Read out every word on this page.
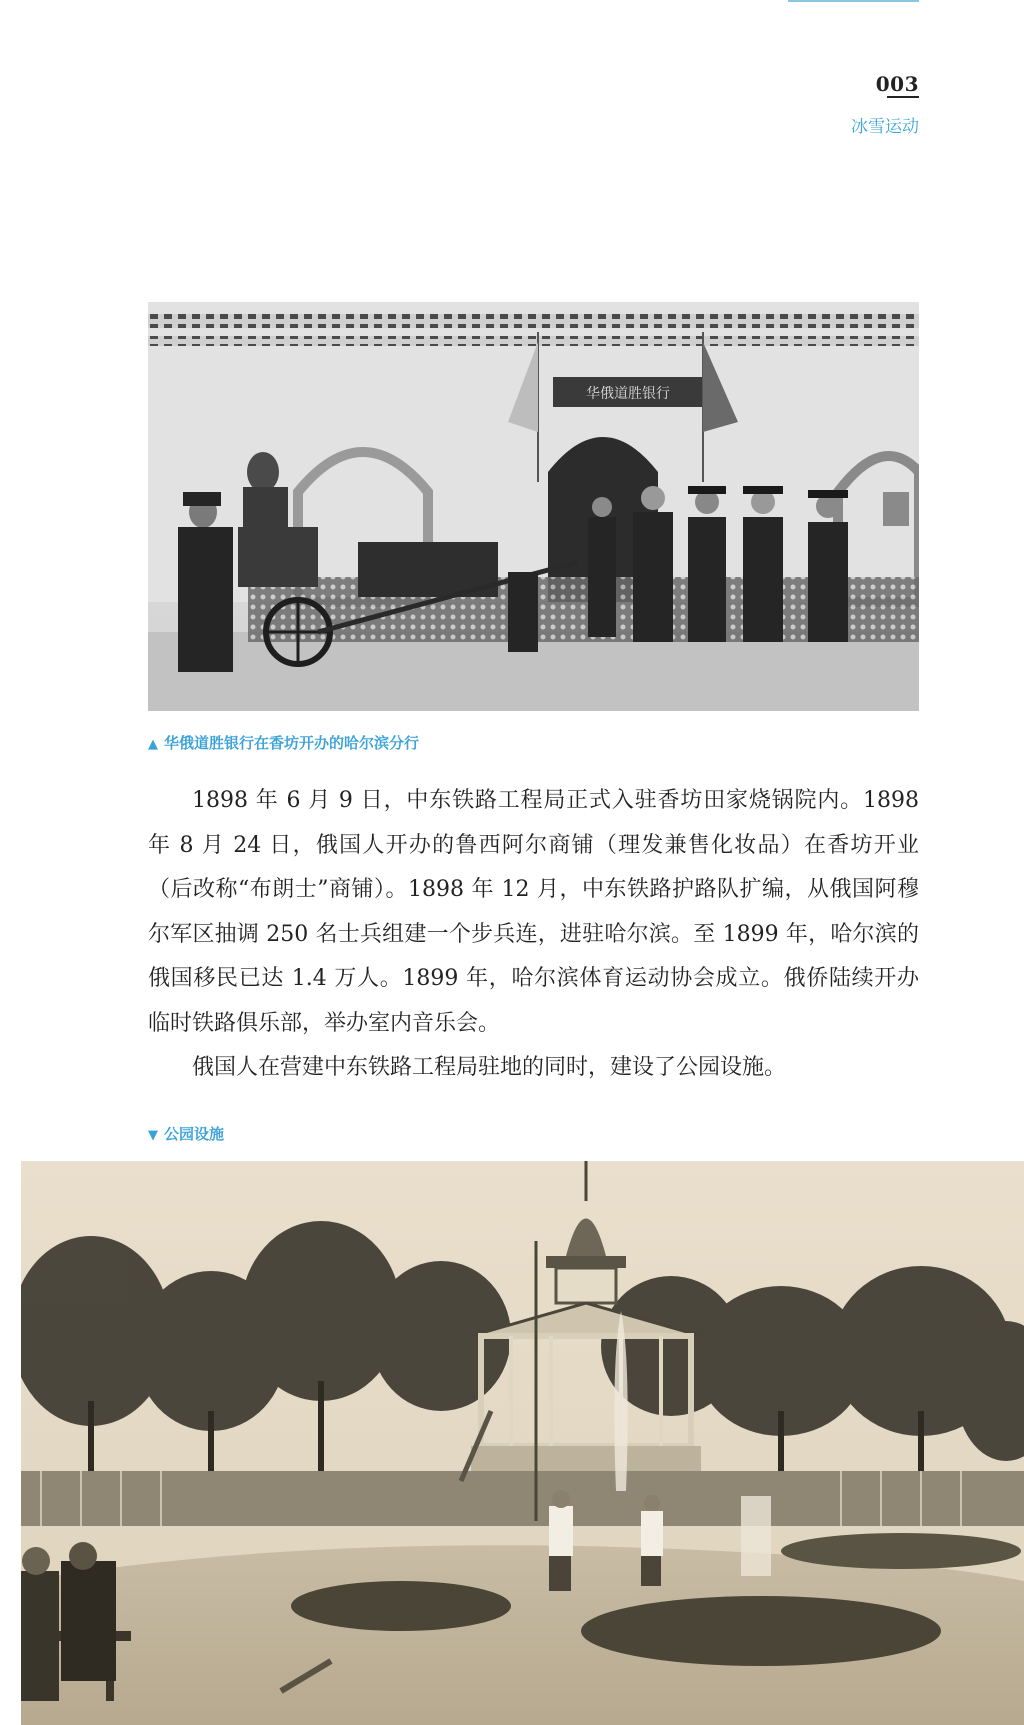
003
冰雪运动
华俄道胜银行
▲ 华俄道胜银行在香坊开办的哈尔滨分行

1898 年 6 月 9 日，中东铁路工程局正式入驻香坊田家烧锅院内。1898 年 8 月 24 日，俄国人开办的鲁西阿尔商铺（理发兼售化妆品）在香坊开业（后改称“布朗士”商铺）。1898 年 12 月，中东铁路护路队扩编，从俄国阿穆尔军区抽调 250 名士兵组建一个步兵连，进驻哈尔滨。至 1899 年，哈尔滨的俄国移民已达 1.4 万人。1899 年，哈尔滨体育运动协会成立。俄侨陆续开办临时铁路俱乐部，举办室内音乐会。

俄国人在营建中东铁路工程局驻地的同时，建设了公园设施。

▼ 公园设施
